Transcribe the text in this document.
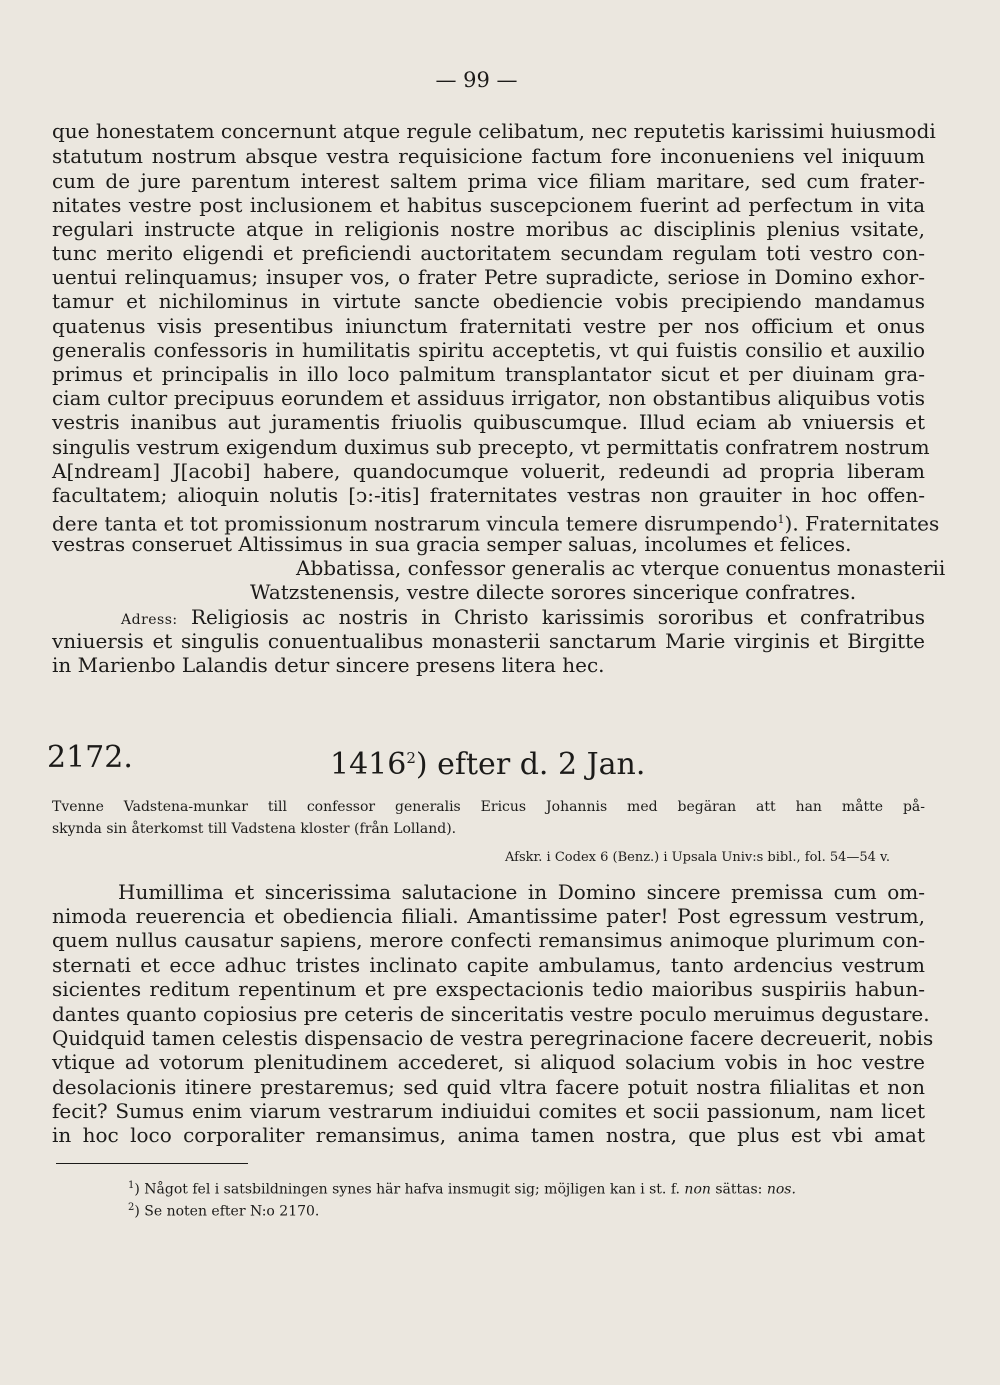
— 99 —
que honestatem concernunt atque regule celibatum, nec reputetis karissimi huiusmodi
statutum nostrum absque vestra requisicione factum fore inconueniens vel iniquum
cum de jure parentum interest saltem prima vice filiam maritare, sed cum frater-
nitates vestre post inclusionem et habitus suscepcionem fuerint ad perfectum in vita
regulari instructe atque in religionis nostre moribus ac disciplinis plenius vsitate,
tunc merito eligendi et preficiendi auctoritatem secundam regulam toti vestro con-
uentui relinquamus; insuper vos, o frater Petre supradicte, seriose in Domino exhor-
tamur et nichilominus in virtute sancte obediencie vobis precipiendo mandamus
quatenus visis presentibus iniunctum fraternitati vestre per nos officium et onus
generalis confessoris in humilitatis spiritu acceptetis, vt qui fuistis consilio et auxilio
primus et principalis in illo loco palmitum transplantator sicut et per diuinam gra-
ciam cultor precipuus eorundem et assiduus irrigator, non obstantibus aliquibus votis
vestris inanibus aut juramentis friuolis quibuscumque. Illud eciam ab vniuersis et
singulis vestrum exigendum duximus sub precepto, vt permittatis confratrem nostrum
A[ndream] J[acobi] habere, quandocumque voluerit, redeundi ad propria liberam
facultatem; alioquin nolutis [ↄ:-itis] fraternitates vestras non grauiter in hoc offen-
dere tanta et tot promissionum nostrarum vincula temere disrumpendo$^1$). Fraternitates
vestras conseruet Altissimus in sua gracia semper saluas, incolumes et felices.
Abbatissa, confessor generalis ac vterque conuentus monasterii
Watzstenensis, vestre dilecte sorores sincerique confratres.
Adress: Religiosis ac nostris in Christo karissimis sororibus et confratribus
vniuersis et singulis conuentualibus monasterii sanctarum Marie virginis et Birgitte
in Marienbo Lalandis detur sincere presens litera hec.
2172.	1416$^2$) efter d. 2 Jan.
Tvenne Vadstena-munkar till confessor generalis Ericus Johannis med begäran att han måtte på-
skynda sin återkomst till Vadstena kloster (från Lolland).
Afskr. i Codex 6 (Benz.) i Upsala Univ:s bibl., fol. 54—54 v.
Humillima et sincerissima salutacione in Domino sincere premissa cum om-
nimoda reuerencia et obediencia filiali. Amantissime pater! Post egressum vestrum,
quem nullus causatur sapiens, merore confecti remansimus animoque plurimum con-
sternati et ecce adhuc tristes inclinato capite ambulamus, tanto ardencius vestrum
sicientes reditum repentinum et pre exspectacionis tedio maioribus suspiriis habun-
dantes quanto copiosius pre ceteris de sinceritatis vestre poculo meruimus degustare.
Quidquid tamen celestis dispensacio de vestra peregrinacione facere decreuerit, nobis
vtique ad votorum plenitudinem accederet, si aliquod solacium vobis in hoc vestre
desolacionis itinere prestaremus; sed quid vltra facere potuit nostra filialitas et non
fecit? Sumus enim viarum vestrarum indiuidui comites et socii passionum, nam licet
in hoc loco corporaliter remansimus, anima tamen nostra, que plus est vbi amat
$^1$) Något fel i satsbildningen synes här hafva insmugit sig; möjligen kan i st. f. non sättas: nos.
$^2$) Se noten efter N:o 2170.
